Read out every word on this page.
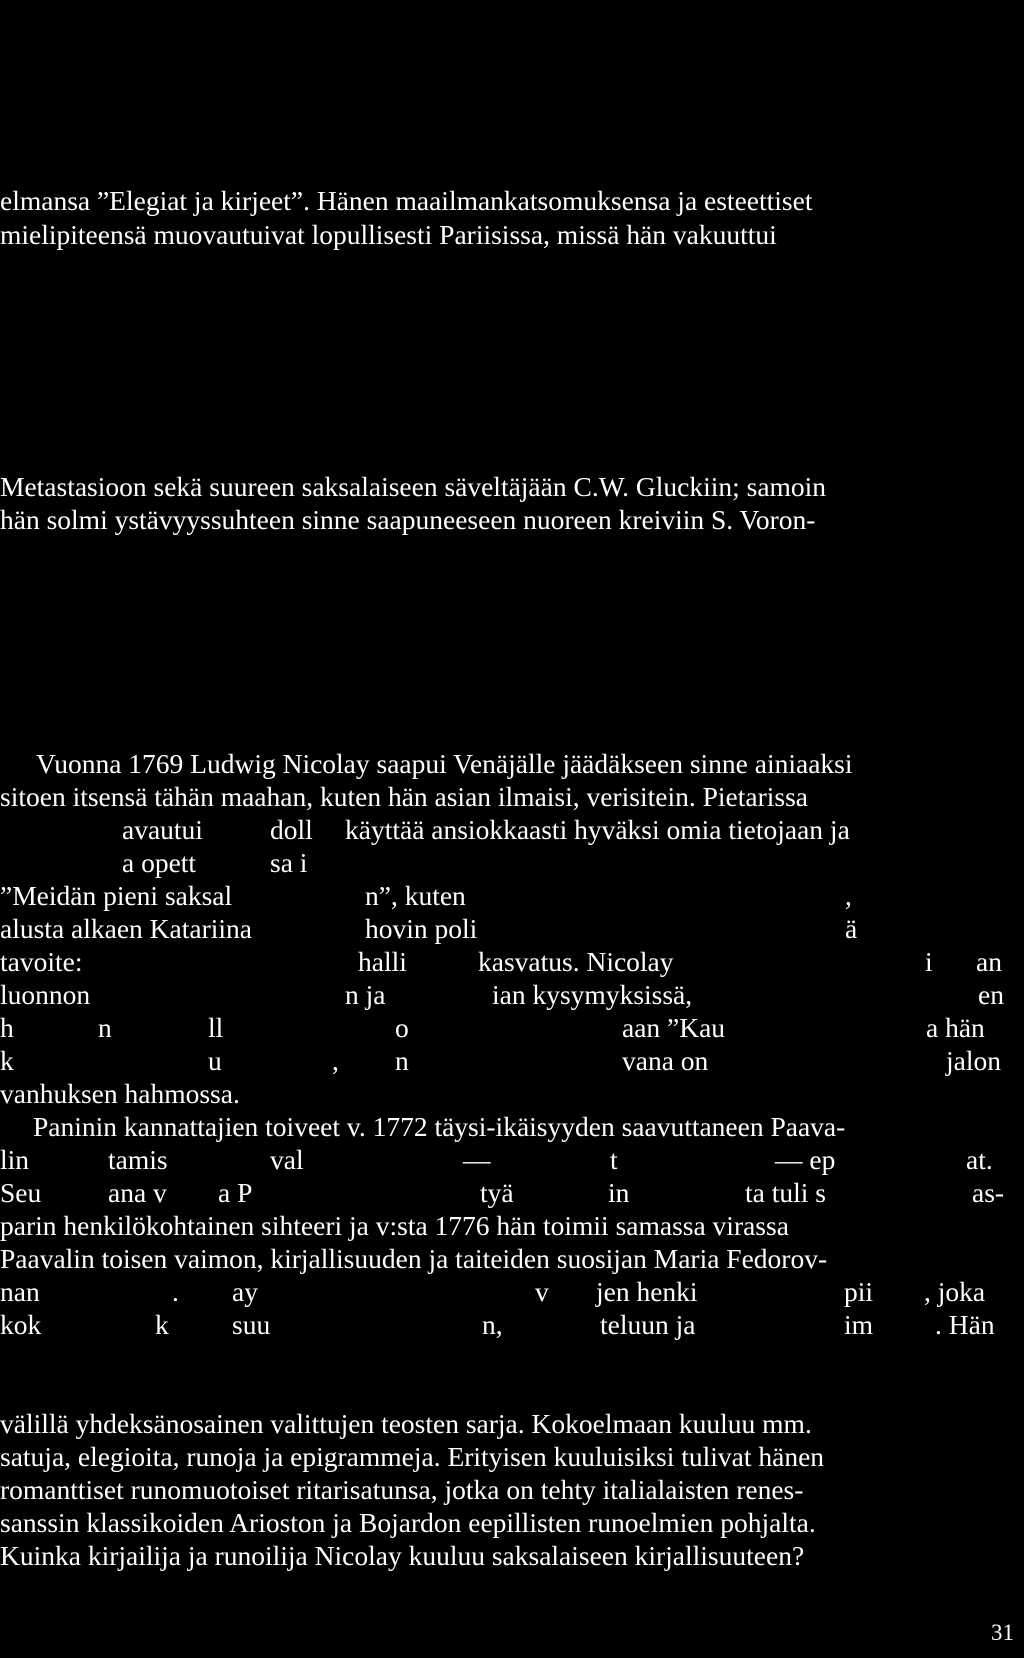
elmansa ”Elegiat ja kirjeet”. Hänen maailmankatsomuksensa ja esteettiset
mielipiteensä muovautuivat lopullisesti Pariisissa, missä hän vakuuttui
Metastasioon sekä suureen saksalaiseen säveltäjään C.W. Gluckiin; samoin
hän solmi ystävyyssuhteen sinne saapuneeseen nuoreen kreiviin S. Voron-
Vuonna 1769 Ludwig Nicolay saapui Venäjälle jäädäkseen sinne ainiaaksi
sitoen itsensä tähän maahan, kuten hän asian ilmaisi, verisitein. Pietarissa
avautui doll käyttää ansiokkaasti hyväksi omia tietojaan ja
a opett	sa i
”Meidän pieni saksal	n”, kuten	,
alusta alkaen Katariina	hovin poli	ä
tavoite:	halli	kasvatus. Nicolay	i an
luonnon	n ja	ian kysymyksissä,	en
h	n	ll	o	aan ”Kau	a hän
k	u	, n	vana on	jalon
vanhuksen hahmossa.
Paninin kannattajien toiveet v. 1772 täysi-ikäisyyden saavuttaneen Paava-
lin	tamis	val	—	t	— ep	at.
Seu ana v a P	tyä	in	ta tuli s	as-
parin henkilökohtainen sihteeri ja v:sta 1776 hän toimii samassa virassa
Paavalin toisen vaimon, kirjallisuuden ja taiteiden suosijan Maria Fedorov-
nan	. ay	v jen henki	pii , joka
kok	k suu	n,	teluun ja	im . Hän
välillä yhdeksänosainen valittujen teosten sarja. Kokoelmaan kuuluu mm.
satuja, elegioita, runoja ja epigrammeja. Erityisen kuuluisiksi tulivat hänen
romanttiset runomuotoiset ritarisatunsa, jotka on tehty italialaisten renes-
sanssin klassikoiden Arioston ja Bojardon eepillisten runoelmien pohjalta.
Kuinka kirjailija ja runoilija Nicolay kuuluu saksalaiseen kirjallisuuteen?
31
